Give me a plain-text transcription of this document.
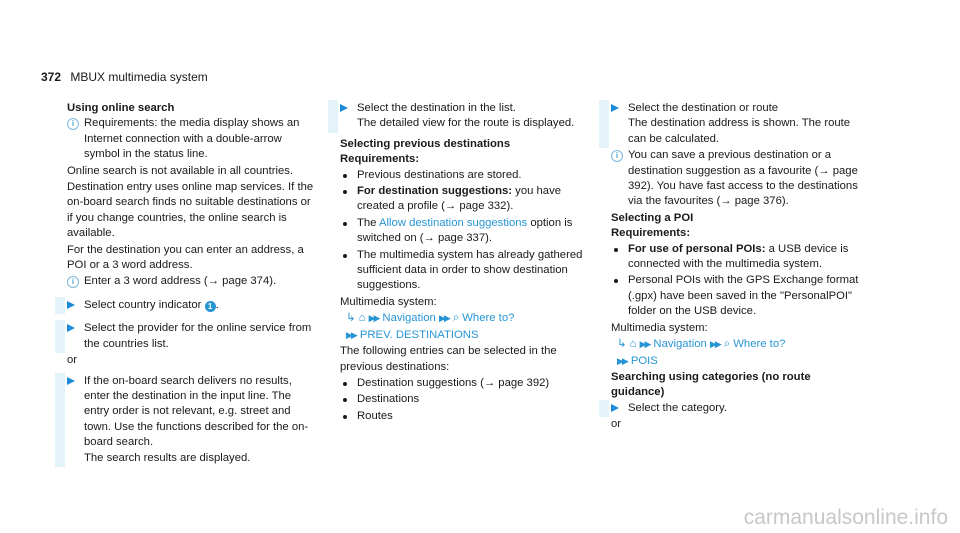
372 MBUX multimedia system
Using online search
i Requirements: the media display shows an Internet connection with a double-arrow symbol in the status line.
Online search is not available in all countries.
Destination entry uses online map services. If the on-board search finds no suitable destinations or if you change countries, the online search is available.
For the destination you can enter an address, a POI or a 3 word address.
i Enter a 3 word address (→ page 374).
Select country indicator 1 .
Select the provider for the online service from the countries list.
or
If the on-board search delivers no results, enter the destination in the input line. The entry order is not relevant, e.g. street and town. Use the functions described for the on-board search.
The search results are displayed.
Select the destination in the list.
The detailed view for the route is displayed.
Selecting previous destinations
Requirements:
Previous destinations are stored.
For destination suggestions: you have created a profile (→ page 332).
The Allow destination suggestions option is switched on (→ page 337).
The multimedia system has already gathered sufficient data in order to show destination suggestions.
Multimedia system:
↳ ⌂ ▶▶ Navigation ▶▶ ⌕ Where to?
▶▶ PREV. DESTINATIONS
The following entries can be selected in the previous destinations:
Destination suggestions (→ page 392)
Destinations
Routes
Select the destination or route
The destination address is shown. The route can be calculated.
i You can save a previous destination or a destination suggestion as a favourite (→ page 392). You have fast access to the destinations via the favourites (→ page 376).
Selecting a POI
Requirements:
For use of personal POIs: a USB device is connected with the multimedia system.
Personal POIs with the GPS Exchange format (.gpx) have been saved in the "PersonalPOI" folder on the USB device.
Multimedia system:
↳ ⌂ ▶▶ Navigation ▶▶ ⌕ Where to?
▶▶ POIS
Searching using categories (no route guidance)
Select the category.
or
carmanualsonline.info
